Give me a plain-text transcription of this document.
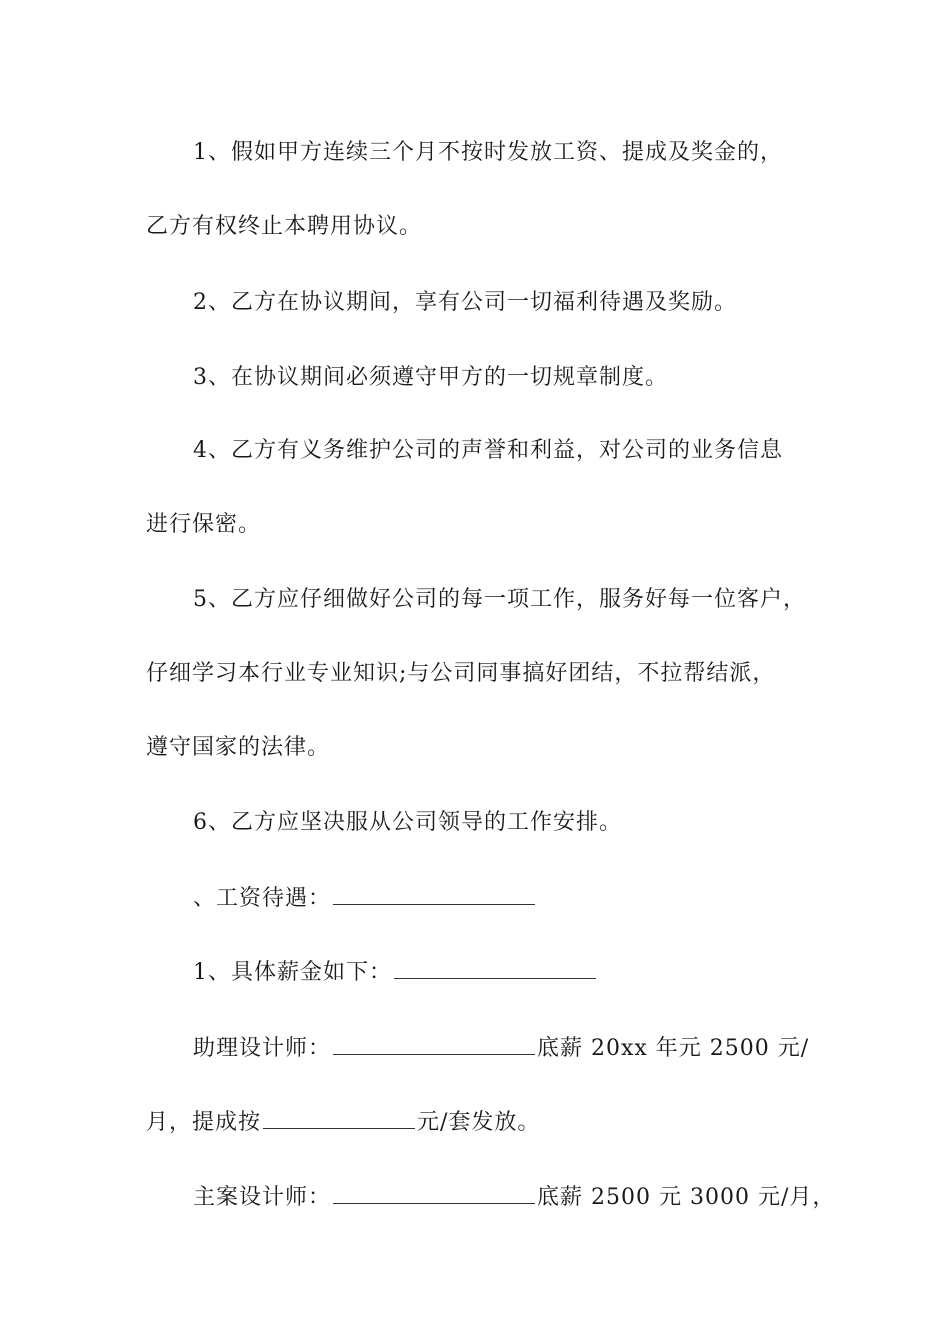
1、假如甲方连续三个月不按时发放工资、提成及奖金的，
乙方有权终止本聘用协议。
2、乙方在协议期间，享有公司一切福利待遇及奖励。
3、在协议期间必须遵守甲方的一切规章制度。
4、乙方有义务维护公司的声誉和利益，对公司的业务信息
进行保密。
5、乙方应仔细做好公司的每一项工作，服务好每一位客户，
仔细学习本行业专业知识;与公司同事搞好团结，不拉帮结派，
遵守国家的法律。
6、乙方应坚决服从公司领导的工作安排。
、工资待遇：
1、具体薪金如下：
助理设计师：	底薪 20xx 年元 2500 元/
月，提成按	元/套发放。
主案设计师：	底薪 2500 元 3000 元/月，
